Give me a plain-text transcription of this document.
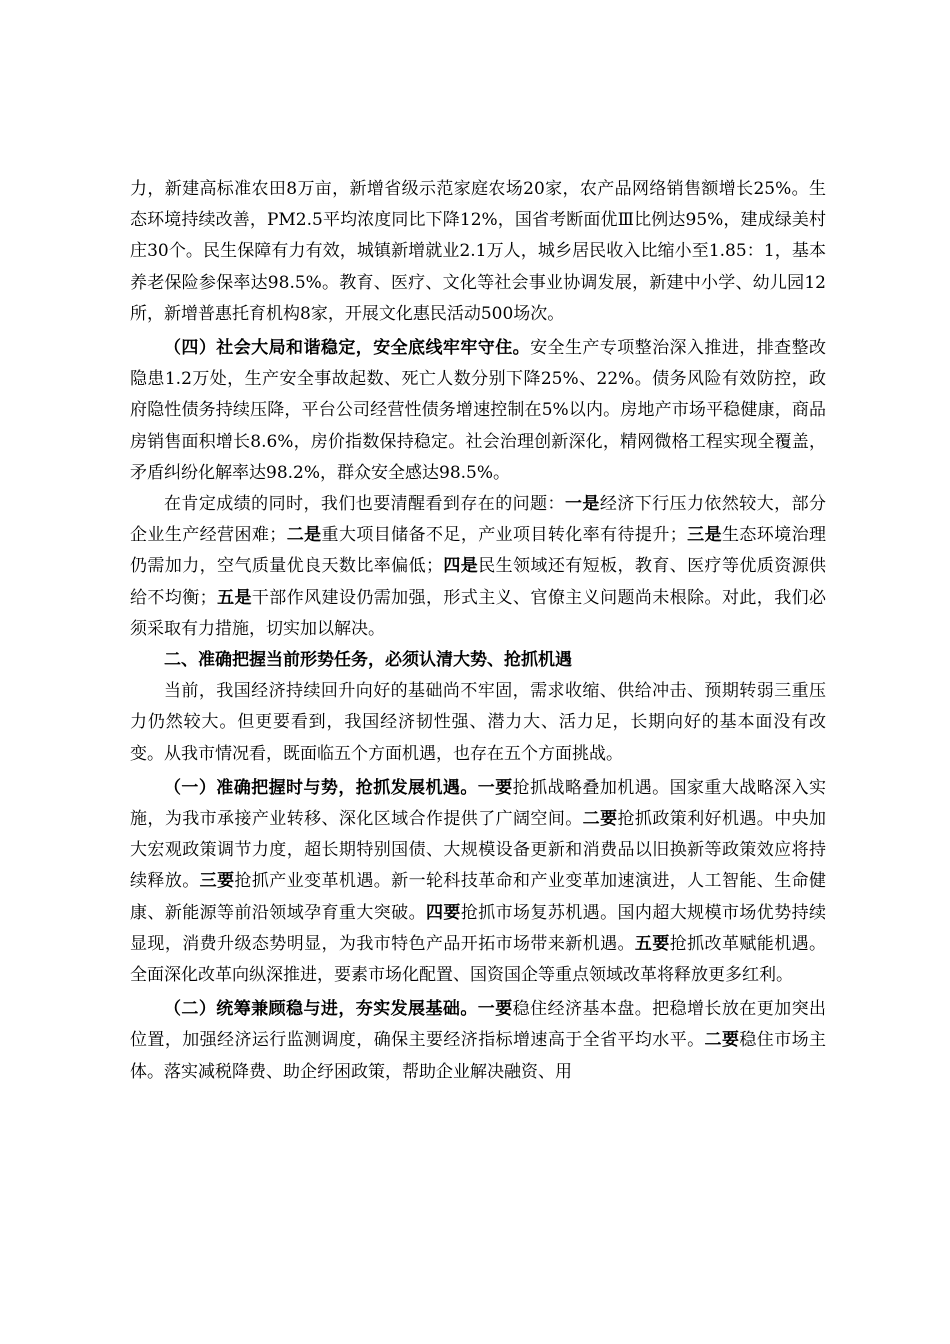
力，新建高标准农田8万亩，新增省级示范家庭农场20家，农产品网络销售额增长25%。生态环境持续改善，PM2.5平均浓度同比下降12%，国省考断面优Ⅲ比例达95%，建成绿美村庄30个。民生保障有力有效，城镇新增就业2.1万人，城乡居民收入比缩小至1.85：1，基本养老保险参保率达98.5%。教育、医疗、文化等社会事业协调发展，新建中小学、幼儿园12所，新增普惠托育机构8家，开展文化惠民活动500场次。

（四）社会大局和谐稳定，安全底线牢牢守住。安全生产专项整治深入推进，排查整改隐患1.2万处，生产安全事故起数、死亡人数分别下降25%、22%。债务风险有效防控，政府隐性债务持续压降，平台公司经营性债务增速控制在5%以内。房地产市场平稳健康，商品房销售面积增长8.6%，房价指数保持稳定。社会治理创新深化，精网微格工程实现全覆盖，矛盾纠纷化解率达98.2%，群众安全感达98.5%。

在肯定成绩的同时，我们也要清醒看到存在的问题：一是经济下行压力依然较大，部分企业生产经营困难；二是重大项目储备不足，产业项目转化率有待提升；三是生态环境治理仍需加力，空气质量优良天数比率偏低；四是民生领域还有短板，教育、医疗等优质资源供给不均衡；五是干部作风建设仍需加强，形式主义、官僚主义问题尚未根除。对此，我们必须采取有力措施，切实加以解决。

二、准确把握当前形势任务，必须认清大势、抢抓机遇

当前，我国经济持续回升向好的基础尚不牢固，需求收缩、供给冲击、预期转弱三重压力仍然较大。但更要看到，我国经济韧性强、潜力大、活力足，长期向好的基本面没有改变。从我市情况看，既面临五个方面机遇，也存在五个方面挑战。

（一）准确把握时与势，抢抓发展机遇。一要抢抓战略叠加机遇。国家重大战略深入实施，为我市承接产业转移、深化区域合作提供了广阔空间。二要抢抓政策利好机遇。中央加大宏观政策调节力度，超长期特别国债、大规模设备更新和消费品以旧换新等政策效应将持续释放。三要抢抓产业变革机遇。新一轮科技革命和产业变革加速演进，人工智能、生命健康、新能源等前沿领域孕育重大突破。四要抢抓市场复苏机遇。国内超大规模市场优势持续显现，消费升级态势明显，为我市特色产品开拓市场带来新机遇。五要抢抓改革赋能机遇。全面深化改革向纵深推进，要素市场化配置、国资国企等重点领域改革将释放更多红利。

（二）统筹兼顾稳与进，夯实发展基础。一要稳住经济基本盘。把稳增长放在更加突出位置，加强经济运行监测调度，确保主要经济指标增速高于全省平均水平。二要稳住市场主体。落实减税降费、助企纾困政策，帮助企业解决融资、用
